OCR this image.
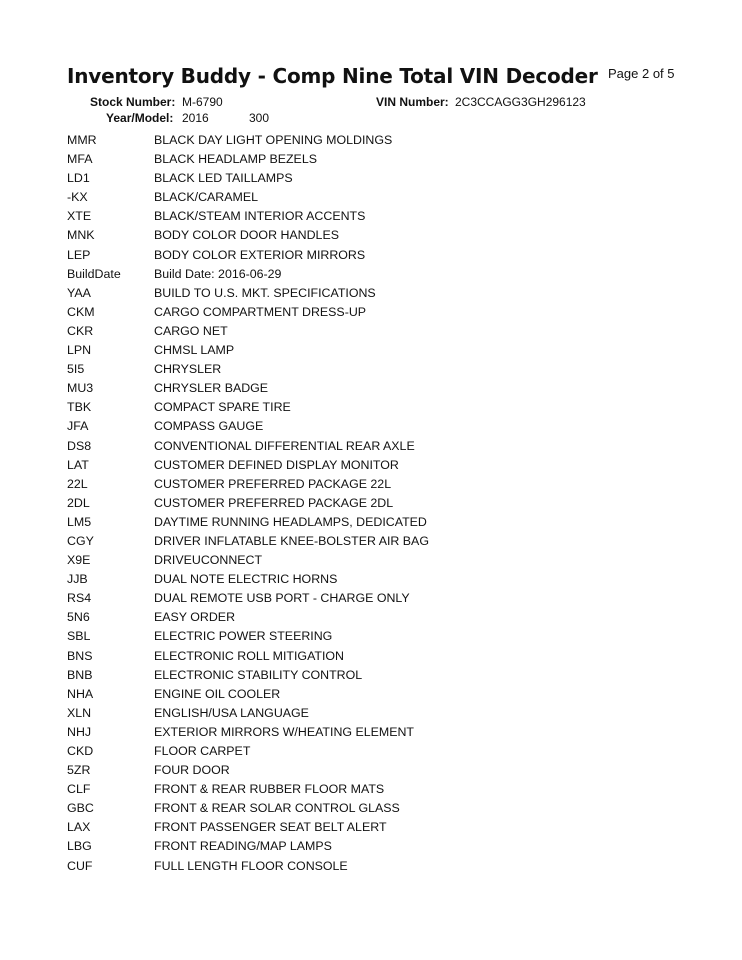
Inventory Buddy - Comp Nine Total VIN Decoder Page 2 of 5
Stock Number: M-6790	VIN Number: 2C3CCAGG3GH296123
Year/Model: 2016	300
MMR	BLACK DAY LIGHT OPENING MOLDINGS
MFA	BLACK HEADLAMP BEZELS
LD1	BLACK LED TAILLAMPS
-KX	BLACK/CARAMEL
XTE	BLACK/STEAM INTERIOR ACCENTS
MNK	BODY COLOR DOOR HANDLES
LEP	BODY COLOR EXTERIOR MIRRORS
BuildDate	Build Date: 2016-06-29
YAA	BUILD TO U.S. MKT. SPECIFICATIONS
CKM	CARGO COMPARTMENT DRESS-UP
CKR	CARGO NET
LPN	CHMSL LAMP
5I5	CHRYSLER
MU3	CHRYSLER BADGE
TBK	COMPACT SPARE TIRE
JFA	COMPASS GAUGE
DS8	CONVENTIONAL DIFFERENTIAL REAR AXLE
LAT	CUSTOMER DEFINED DISPLAY MONITOR
22L	CUSTOMER PREFERRED PACKAGE 22L
2DL	CUSTOMER PREFERRED PACKAGE 2DL
LM5	DAYTIME RUNNING HEADLAMPS, DEDICATED
CGY	DRIVER INFLATABLE KNEE-BOLSTER AIR BAG
X9E	DRIVEUCONNECT
JJB	DUAL NOTE ELECTRIC HORNS
RS4	DUAL REMOTE USB PORT - CHARGE ONLY
5N6	EASY ORDER
SBL	ELECTRIC POWER STEERING
BNS	ELECTRONIC ROLL MITIGATION
BNB	ELECTRONIC STABILITY CONTROL
NHA	ENGINE OIL COOLER
XLN	ENGLISH/USA LANGUAGE
NHJ	EXTERIOR MIRRORS W/HEATING ELEMENT
CKD	FLOOR CARPET
5ZR	FOUR DOOR
CLF	FRONT & REAR RUBBER FLOOR MATS
GBC	FRONT & REAR SOLAR CONTROL GLASS
LAX	FRONT PASSENGER SEAT BELT ALERT
LBG	FRONT READING/MAP LAMPS
CUF	FULL LENGTH FLOOR CONSOLE
